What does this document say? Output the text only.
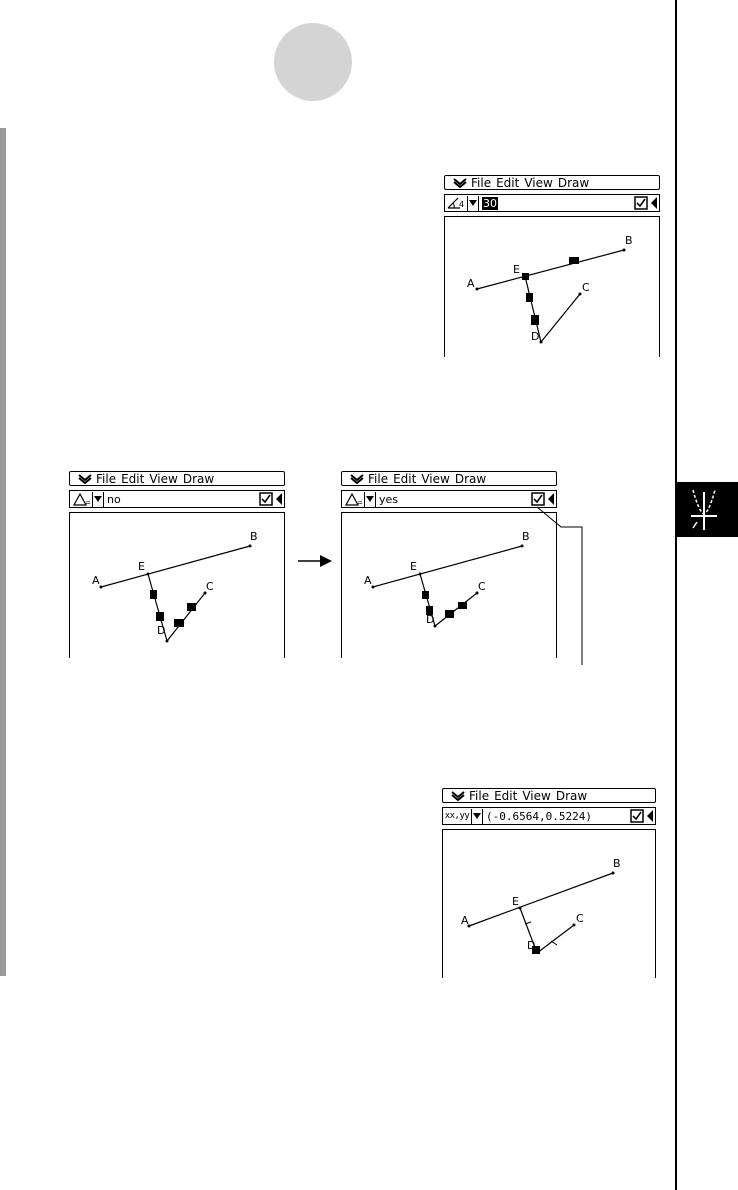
File Edit View Draw
4	30
A
B
C
D
E
File Edit View Draw
= no
A
B
C
D
E
File Edit View Draw
= yes
A
B
C
D
E
File Edit View Draw
xx,yy (-0.6564,0.5224)
A
B
C
D
E
